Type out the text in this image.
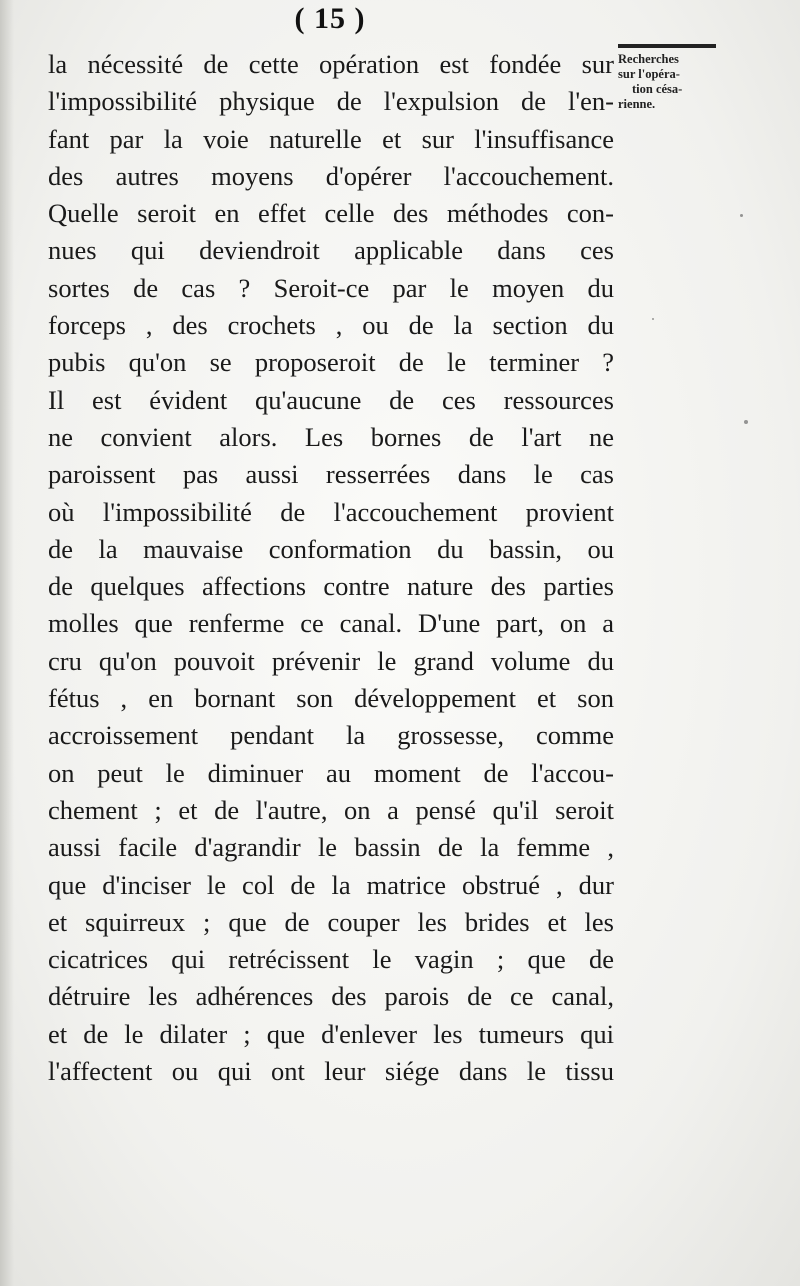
( 15 )
la nécessité de cette opération est fondée sur
l'impossibilité physique de l'expulsion de l'en-
fant par la voie naturelle et sur l'insuffisance
des autres moyens d'opérer l'accouchement.
Quelle seroit en effet celle des méthodes con-
nues qui deviendroit applicable dans ces
sortes de cas ? Seroit-ce par le moyen du
forceps , des crochets , ou de la section du
pubis qu'on se proposeroit de le terminer ?
Il est évident qu'aucune de ces ressources
ne convient alors. Les bornes de l'art ne
paroissent pas aussi resserrées dans le cas
où l'impossibilité de l'accouchement provient
de la mauvaise conformation du bassin, ou
de quelques affections contre nature des parties
molles que renferme ce canal. D'une part, on a
cru qu'on pouvoit prévenir le grand volume du
fétus , en bornant son développement et son
accroissement pendant la grossesse, comme
on peut le diminuer au moment de l'accou-
chement ; et de l'autre, on a pensé qu'il seroit
aussi facile d'agrandir le bassin de la femme ,
que d'inciser le col de la matrice obstrué , dur
et squirreux ; que de couper les brides et les
cicatrices qui retrécissent le vagin ; que de
détruire les adhérences des parois de ce canal,
et de le dilater ; que d'enlever les tumeurs qui
l'affectent ou qui ont leur siége dans le tissu
Recherches
sur l'opéra-
tion césa-
rienne.
